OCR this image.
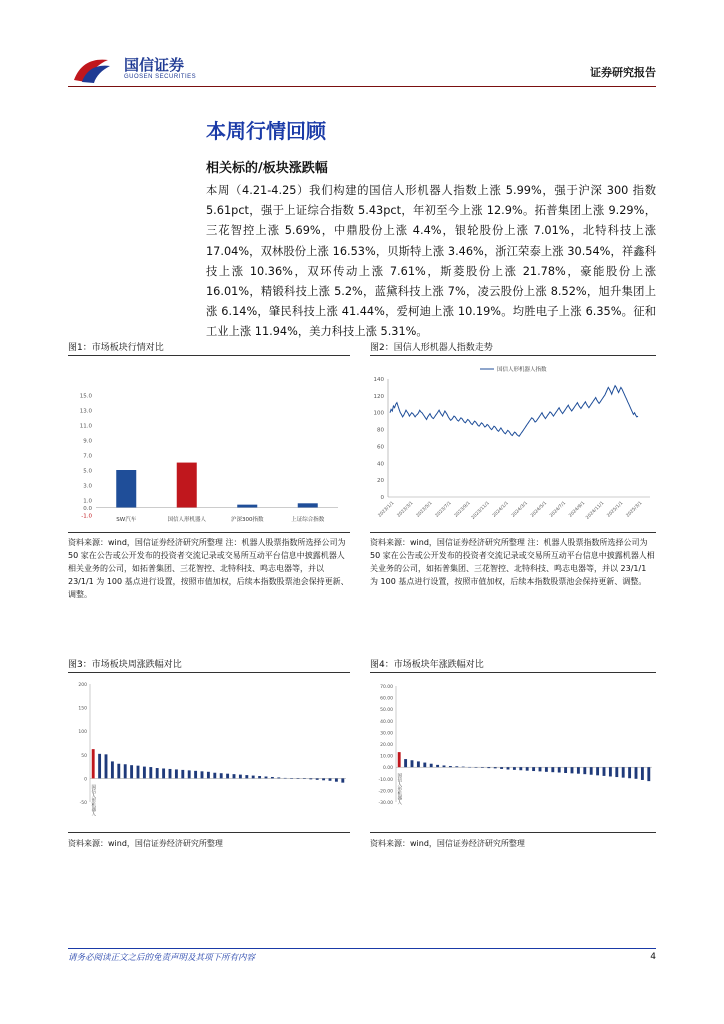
国信证券
GUOSEN SECURITIES	证券研究报告
本周行情回顾
相关标的/板块涨跌幅
本周（4.21-4.25）我们构建的国信人形机器人指数上涨 5.99%，强于沪深 300 指数 5.61pct，强于上证综合指数 5.43pct，年初至今上涨 12.9%。拓普集团上涨 9.29%，三花智控上涨 5.69%，中鼎股份上涨 4.4%，银轮股份上涨 7.01%，北特科技上涨 17.04%，双林股份上涨 16.53%，贝斯特上涨 3.46%，浙江荣泰上涨 30.54%，祥鑫科技上涨 10.36%，双环传动上涨 7.61%，斯菱股份上涨 21.78%，豪能股份上涨 16.01%，精锻科技上涨 5.2%，蓝黛科技上涨 7%，凌云股份上涨 8.52%，旭升集团上涨 6.14%，肇民科技上涨 41.44%，爱柯迪上涨 10.19%。均胜电子上涨 6.35%。征和工业上涨 11.94%，美力科技上涨 5.31%。
图1：市场板块行情对比
-1.0
0.0
1.0
3.0
5.0
7.0
9.0
11.0
13.0
15.0
SW汽车	国信人形机器人	沪深300指数	上证综合指数
资料来源：wind，国信证券经济研究所整理 注：机器人股票指数所选择公司为 50 家在公告或公开发布的投资者交流记录或交易所互动平台信息中披露机器人相关业务的公司，如拓普集团、三花智控、北特科技、鸣志电器等，并以 23/1/1 为 100 基点进行设置，按照市值加权，后续本指数股票池会保持更新、调整。
图2：国信人形机器人指数走势
0
20
40
60
80
100
120
140
国信人形机器人指数
2023/1/1 2023/3/1 2023/5/1 2023/7/1 2023/9/1 2023/11/1 2024/1/1 2024/3/1 2024/5/1 2024/7/1 2024/9/1 2024/11/1 2025/1/1 2025/3/1
资料来源：wind，国信证券经济研究所整理 注：机器人股票指数所选择公司为 50 家在公告或公开发布的投资者交流记录或交易所互动平台信息中披露机器人相关业务的公司，如拓普集团、三花智控、北特科技、鸣志电器等，并以 23/1/1 为 100 基点进行设置，按照市值加权，后续本指数股票池会保持更新、调整。
图3：市场板块周涨跌幅对比
-50
0
50
100
150
200
国信人形机器人
资料来源：wind，国信证券经济研究所整理
图4：市场板块年涨跌幅对比
-30.00
-20.00
-10.00
0.00
10.00
20.00
30.00
40.00
50.00
60.00
70.00
国信人形机器人
资料来源：wind，国信证券经济研究所整理
请务必阅读正文之后的免责声明及其项下所有内容	4
